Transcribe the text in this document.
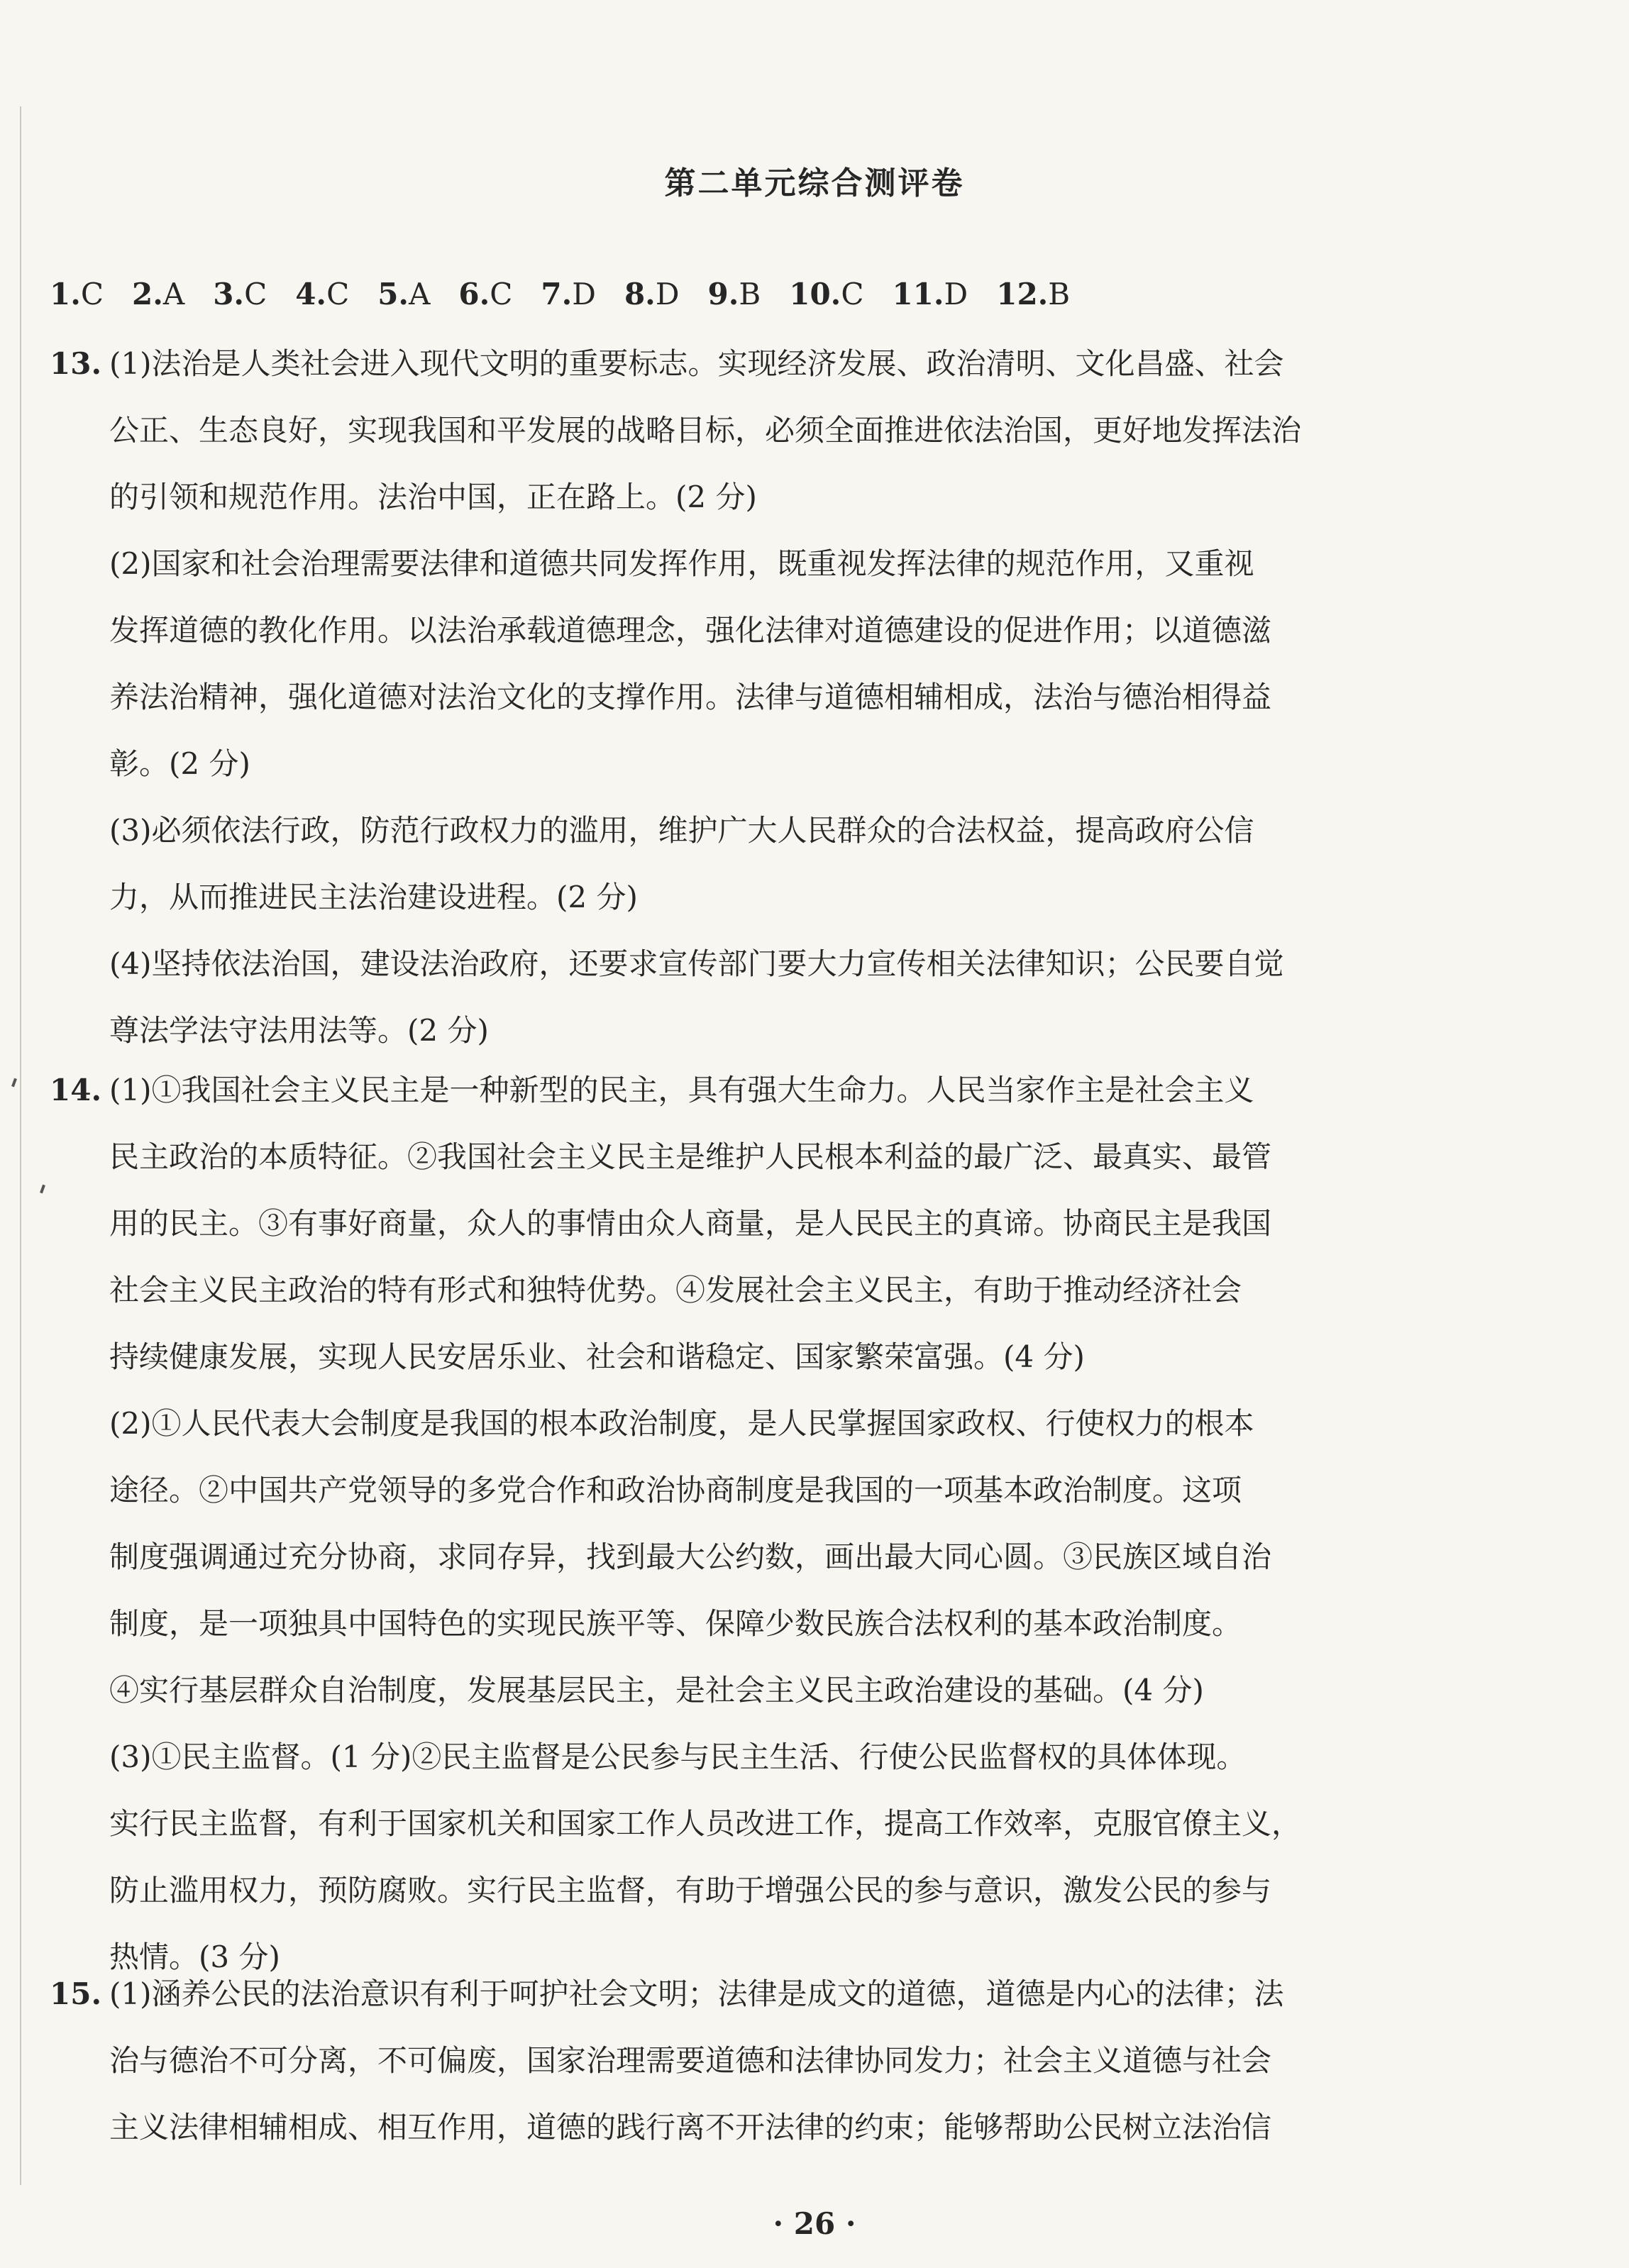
第二单元综合测评卷
1.C 2.A 3.C 4.C 5.A 6.C 7.D 8.D 9.B 10.C 11.D 12.B
13. (1)法治是人类社会进入现代文明的重要标志。实现经济发展、政治清明、文化昌盛、社会
公正、生态良好，实现我国和平发展的战略目标，必须全面推进依法治国，更好地发挥法治
的引领和规范作用。法治中国，正在路上。(2 分)
(2)国家和社会治理需要法律和道德共同发挥作用，既重视发挥法律的规范作用，又重视
发挥道德的教化作用。以法治承载道德理念，强化法律对道德建设的促进作用；以道德滋
养法治精神，强化道德对法治文化的支撑作用。法律与道德相辅相成，法治与德治相得益
彰。(2 分)
(3)必须依法行政，防范行政权力的滥用，维护广大人民群众的合法权益，提高政府公信
力，从而推进民主法治建设进程。(2 分)
(4)坚持依法治国，建设法治政府，还要求宣传部门要大力宣传相关法律知识；公民要自觉
尊法学法守法用法等。(2 分)
14. (1)①我国社会主义民主是一种新型的民主，具有强大生命力。人民当家作主是社会主义
民主政治的本质特征。②我国社会主义民主是维护人民根本利益的最广泛、最真实、最管
用的民主。③有事好商量，众人的事情由众人商量，是人民民主的真谛。协商民主是我国
社会主义民主政治的特有形式和独特优势。④发展社会主义民主，有助于推动经济社会
持续健康发展，实现人民安居乐业、社会和谐稳定、国家繁荣富强。(4 分)
(2)①人民代表大会制度是我国的根本政治制度，是人民掌握国家政权、行使权力的根本
途径。②中国共产党领导的多党合作和政治协商制度是我国的一项基本政治制度。这项
制度强调通过充分协商，求同存异，找到最大公约数，画出最大同心圆。③民族区域自治
制度，是一项独具中国特色的实现民族平等、保障少数民族合法权利的基本政治制度。
④实行基层群众自治制度，发展基层民主，是社会主义民主政治建设的基础。(4 分)
(3)①民主监督。(1 分)②民主监督是公民参与民主生活、行使公民监督权的具体体现。
实行民主监督，有利于国家机关和国家工作人员改进工作，提高工作效率，克服官僚主义，
防止滥用权力，预防腐败。实行民主监督，有助于增强公民的参与意识，激发公民的参与
热情。(3 分)
15. (1)涵养公民的法治意识有利于呵护社会文明；法律是成文的道德，道德是内心的法律；法
治与德治不可分离，不可偏废，国家治理需要道德和法律协同发力；社会主义道德与社会
主义法律相辅相成、相互作用，道德的践行离不开法律的约束；能够帮助公民树立法治信
· 26 ·
